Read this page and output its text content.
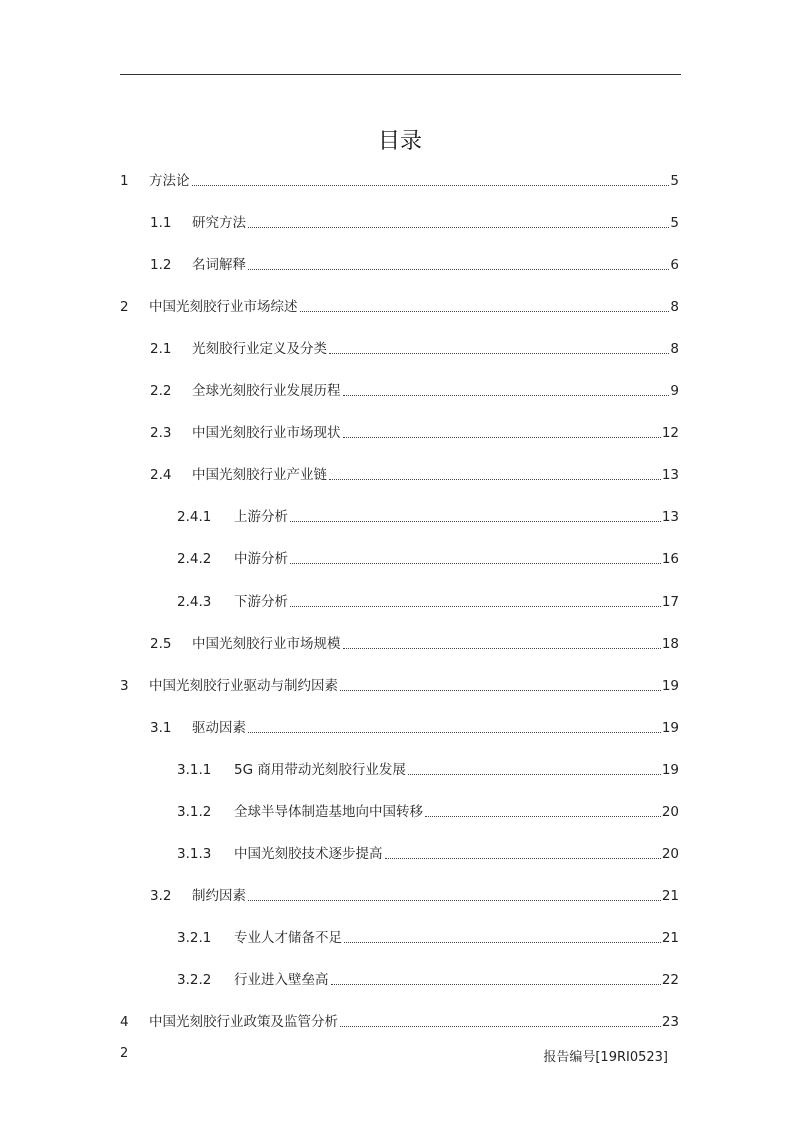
目录
1	方法论	5
1.1	研究方法	5
1.2	名词解释	6
2	中国光刻胶行业市场综述	8
2.1	光刻胶行业定义及分类	8
2.2	全球光刻胶行业发展历程	9
2.3	中国光刻胶行业市场现状	12
2.4	中国光刻胶行业产业链	13
2.4.1	上游分析	13
2.4.2	中游分析	16
2.4.3	下游分析	17
2.5	中国光刻胶行业市场规模	18
3	中国光刻胶行业驱动与制约因素	19
3.1	驱动因素	19
3.1.1	5G 商用带动光刻胶行业发展	19
3.1.2	全球半导体制造基地向中国转移	20
3.1.3	中国光刻胶技术逐步提高	20
3.2	制约因素	21
3.2.1	专业人才储备不足	21
3.2.2	行业进入壁垒高	22
4	中国光刻胶行业政策及监管分析	23
2	报告编号[19RI0523]
